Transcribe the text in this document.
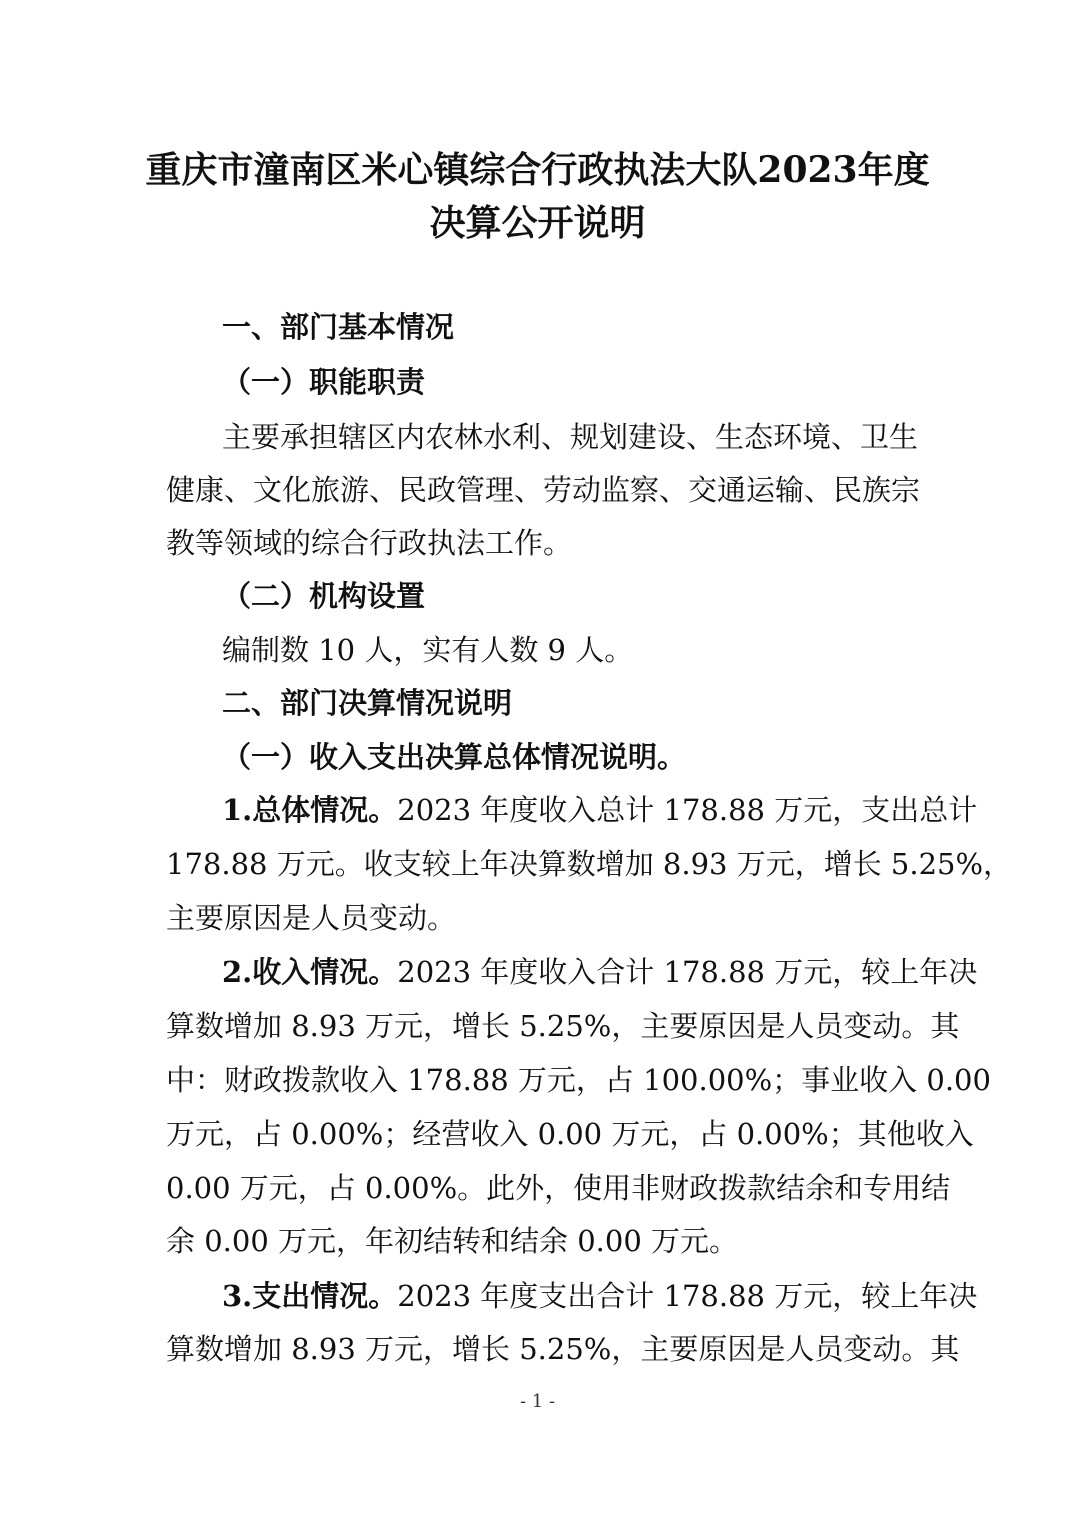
重庆市潼南区米心镇综合行政执法大队2023年度
决算公开说明
一、部门基本情况
（一）职能职责
主要承担辖区内农林水利、规划建设、生态环境、卫生
健康、文化旅游、民政管理、劳动监察、交通运输、民族宗
教等领域的综合行政执法工作。
（二）机构设置
编制数 10 人，实有人数 9 人。
二、部门决算情况说明
（一）收入支出决算总体情况说明。
1.总体情况。2023 年度收入总计 178.88 万元，支出总计
178.88 万元。收支较上年决算数增加 8.93 万元，增长 5.25%，
主要原因是人员变动。
2.收入情况。2023 年度收入合计 178.88 万元，较上年决
算数增加 8.93 万元，增长 5.25%，主要原因是人员变动。其
中：财政拨款收入 178.88 万元，占 100.00%；事业收入 0.00
万元，占 0.00%；经营收入 0.00 万元，占 0.00%；其他收入
0.00 万元，占 0.00%。此外，使用非财政拨款结余和专用结
余 0.00 万元，年初结转和结余 0.00 万元。
3.支出情况。2023 年度支出合计 178.88 万元，较上年决
算数增加 8.93 万元，增长 5.25%，主要原因是人员变动。其
- 1 -
